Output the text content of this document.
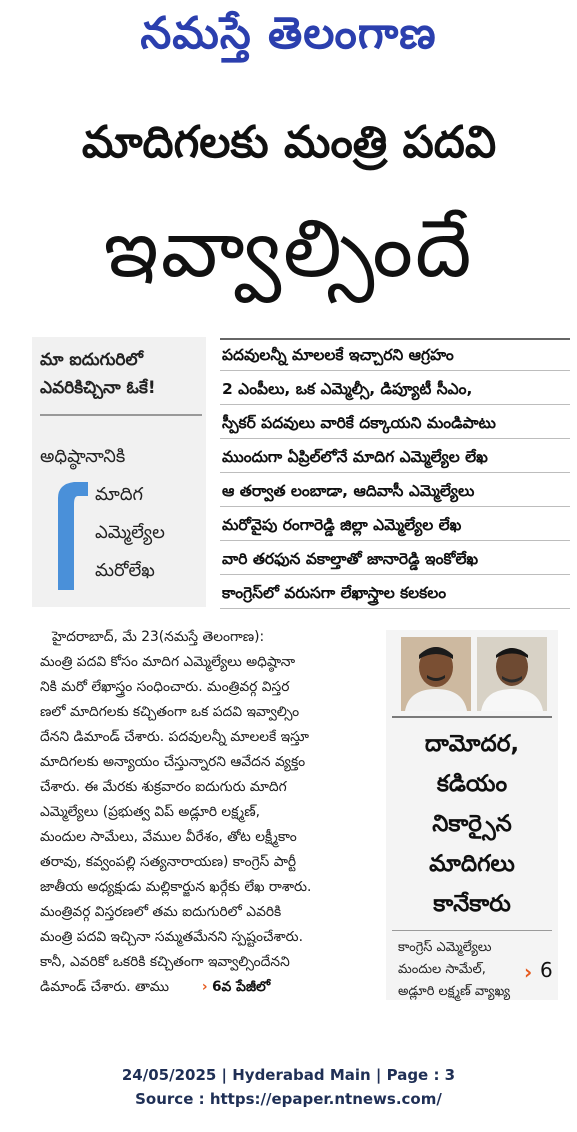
నమస్తే తెలంగాణ
మాదిగలకు మంత్రి పదవి
ఇవ్వాల్సిందే
మా ఐదుగురిలో
ఎవరికిచ్చినా ఓకే!
అధిష్ఠానానికి
మాదిగ
ఎమ్మెల్యేల
మరోలేఖ
పదవులన్నీ మాలలకే ఇచ్చారని ఆగ్రహం
2 ఎంపీలు, ఒక ఎమ్మెల్సీ, డిప్యూటీ సీఎం,
స్పీకర్ పదవులు వారికే దక్కాయని మండిపాటు
ముందుగా ఏప్రిల్‌లోనే మాదిగ ఎమ్మెల్యేల లేఖ
ఆ తర్వాత లంబాడా, ఆదివాసీ ఎమ్మెల్యేలు
మరోవైపు రంగారెడ్డి జిల్లా ఎమ్మెల్యేల లేఖ
వారి తరఫున వకాల్తాతో జానారెడ్డి ఇంకోలేఖ
కాంగ్రెస్‌లో వరుసగా లేఖాస్త్రాల కలకలం

హైదరాబాద్, మే 23(నమస్తే తెలంగాణ):

మంత్రి పదవి కోసం మాదిగ ఎమ్మెల్యేలు అధిష్ఠానా

నికి మరో లేఖాస్త్రం సంధించారు. మంత్రివర్గ విస్తర

ణలో మాదిగలకు కచ్చితంగా ఒక పదవి ఇవ్వాల్సిం

దేనని డిమాండ్ చేశారు. పదవులన్నీ మాలలకే ఇస్తూ

మాదిగలకు అన్యాయం చేస్తున్నారని ఆవేదన వ్యక్తం

చేశారు. ఈ మేరకు శుక్రవారం ఐదుగురు మాదిగ

ఎమ్మెల్యేలు (ప్రభుత్వ విప్ అడ్లూరి లక్ష్మణ్,

మందుల సామేలు, వేముల వీరేశం, తోట లక్ష్మీకాం

తరావు, కవ్వంపల్లి సత్యనారాయణ) కాంగ్రెస్ పార్టీ

జాతీయ అధ్యక్షుడు మల్లికార్జున ఖర్గేకు లేఖ రాశారు.

మంత్రివర్గ విస్తరణలో తమ ఐదుగురిలో ఎవరికి

మంత్రి పదవి ఇచ్చినా సమ్మతమేనని స్పష్టంచేశారు.

కానీ, ఎవరికో ఒకరికి కచ్చితంగా ఇవ్వాల్సిందేనని

డిమాండ్ చేశారు. తాము › 6వ పేజీలో

దామోదర,
కడియం
నికార్సైన
మాదిగలు
కానేకారు
కాంగ్రెస్ ఎమ్మెల్యేలు
మందుల సామేల్,
అడ్లూరి లక్ష్మణ్ వ్యాఖ్య
› 6
24/05/2025 | Hyderabad Main | Page : 3
Source : https://epaper.ntnews.com/
